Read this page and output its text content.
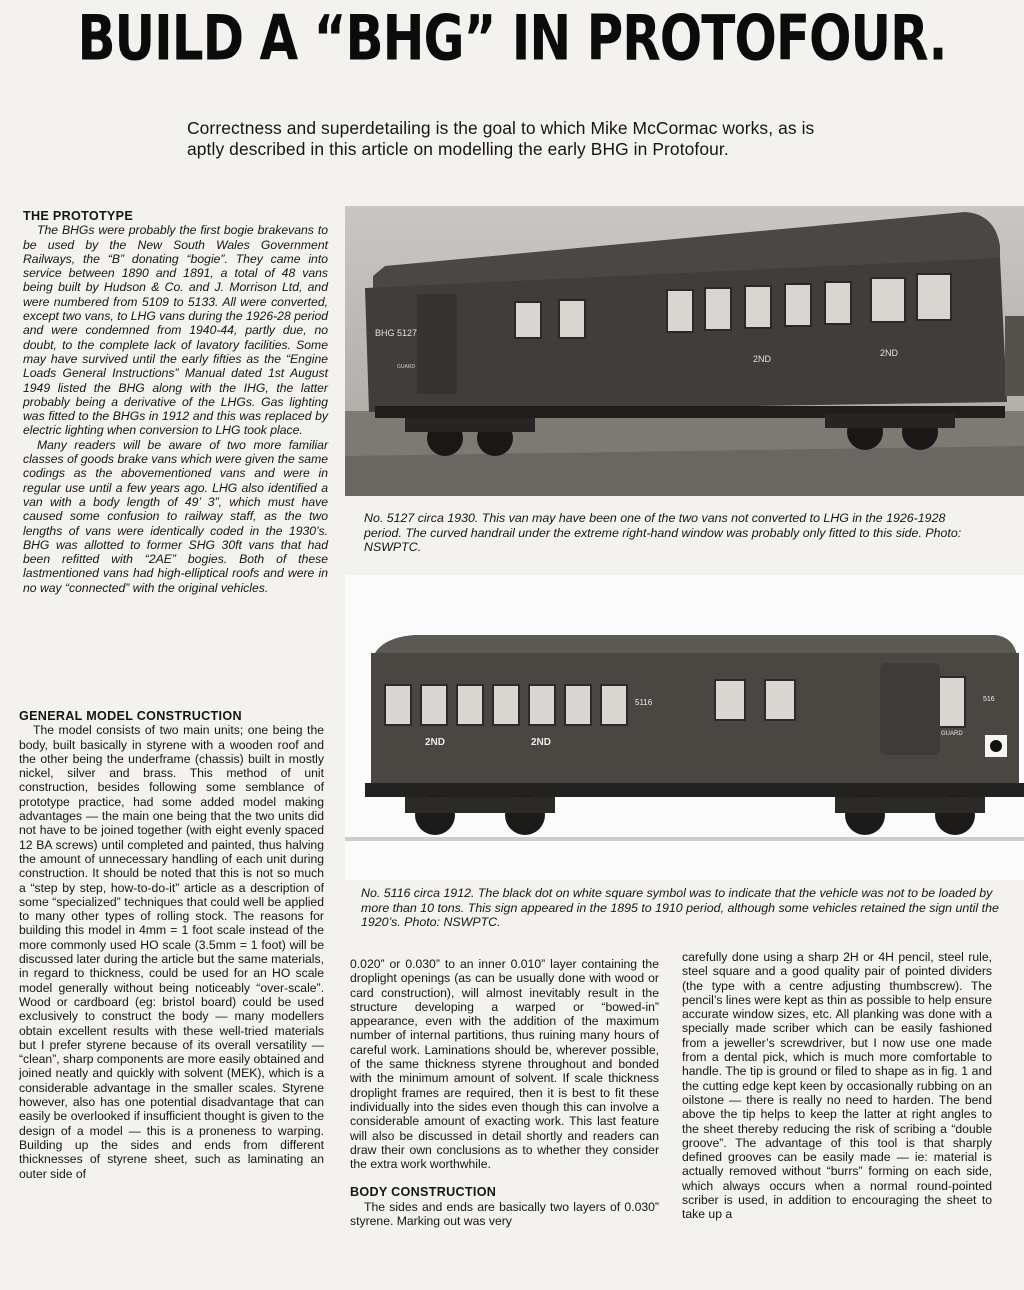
BUILD A “BHG” IN PROTOFOUR.
Correctness and superdetailing is the goal to which Mike McCormac works, as is aptly described in this article on modelling the early BHG in Protofour.

THE PROTOTYPE

The BHGs were probably the first bogie brakevans to be used by the New South Wales Government Railways, the “B” donating “bogie”. They came into service between 1890 and 1891, a total of 48 vans being built by Hudson & Co. and J. Morrison Ltd, and were numbered from 5109 to 5133. All were converted, except two vans, to LHG vans during the 1926-28 period and were condemned from 1940-44, partly due, no doubt, to the complete lack of lavatory facilities. Some may have survived until the early fifties as the “Engine Loads General Instructions” Manual dated 1st August 1949 listed the BHG along with the IHG, the latter probably being a derivative of the LHGs. Gas lighting was fitted to the BHGs in 1912 and this was replaced by electric lighting when conversion to LHG took place.

Many readers will be aware of two more familiar classes of goods brake vans which were given the same codings as the abovementioned vans and were in regular use until a few years ago. LHG also identified a van with a body length of 49’ 3”, which must have caused some confusion to railway staff, as the two lengths of vans were identically coded in the 1930’s. BHG was allotted to former SHG 30ft vans that had been refitted with “2AE” bogies. Both of these lastmentioned vans had high-elliptical roofs and were in no way “connected” with the original vehicles.

GENERAL MODEL CONSTRUCTION

The model consists of two main units; one being the body, built basically in styrene with a wooden roof and the other being the underframe (chassis) built in mostly nickel, silver and brass. This method of unit construction, besides following some semblance of prototype practice, had some added model making advantages — the main one being that the two units did not have to be joined together (with eight evenly spaced 12 BA screws) until completed and painted, thus halving the amount of unnecessary handling of each unit during construction. It should be noted that this is not so much a “step by step, how-to-do-it” article as a description of some “specialized” techniques that could well be applied to many other types of rolling stock. The reasons for building this model in 4mm = 1 foot scale instead of the more commonly used HO scale (3.5mm = 1 foot) will be discussed later during the article but the same materials, in regard to thickness, could be used for an HO scale model generally without being noticeably “over-scale”. Wood or cardboard (eg: bristol board) could be used exclusively to construct the body — many modellers obtain excellent results with these well-tried materials but I prefer styrene because of its overall versatility — “clean”, sharp components are more easily obtained and joined neatly and quickly with solvent (MEK), which is a considerable advantage in the smaller scales. Styrene however, also has one potential disadvantage that can easily be overlooked if insufficient thought is given to the design of a model — this is a proneness to warping. Building up the sides and ends from different thicknesses of styrene sheet, such as laminating an outer side of

0.020” or 0.030” to an inner 0.010” layer containing the droplight openings (as can be usually done with wood or card construction), will almost inevitably result in the structure developing a warped or “bowed-in” appearance, even with the addition of the maximum number of internal partitions, thus ruining many hours of careful work. Laminations should be, wherever possible, of the same thickness styrene throughout and bonded with the minimum amount of solvent. If scale thickness droplight frames are required, then it is best to fit these individually into the sides even though this can involve a considerable amount of exacting work. This last feature will also be discussed in detail shortly and readers can draw their own conclusions as to whether they consider the extra work worthwhile.

BODY CONSTRUCTION

The sides and ends are basically two layers of 0.030” styrene. Marking out was very

carefully done using a sharp 2H or 4H pencil, steel rule, steel square and a good quality pair of pointed dividers (the type with a centre adjusting thumbscrew). The pencil’s lines were kept as thin as possible to help ensure accurate window sizes, etc. All planking was done with a specially made scriber which can be easily fashioned from a jeweller’s screwdriver, but I now use one made from a dental pick, which is much more comfortable to handle. The tip is ground or filed to shape as in fig. 1 and the cutting edge kept keen by occasionally rubbing on an oilstone — there is really no need to harden. The bend above the tip helps to keep the latter at right angles to the sheet thereby reducing the risk of scribing a “double groove”. The advantage of this tool is that sharply defined grooves can be easily made — ie: material is actually removed without “burrs” forming on each side, which always occurs when a normal round-pointed scriber is used, in addition to encouraging the sheet to take up a

BHG 5127
2ND
2ND
GUARD
No. 5127 circa 1930. This van may have been one of the two vans not converted to LHG in the 1926-1928 period. The curved handrail under the extreme right-hand window was probably only fitted to this side. Photo: NSWPTC.
2ND	2ND
5116	516
GUARD
No. 5116 circa 1912. The black dot on white square symbol was to indicate that the vehicle was not to be loaded by more than 10 tons. This sign appeared in the 1895 to 1910 period, although some vehicles retained the sign until the 1920’s. Photo: NSWPTC.
